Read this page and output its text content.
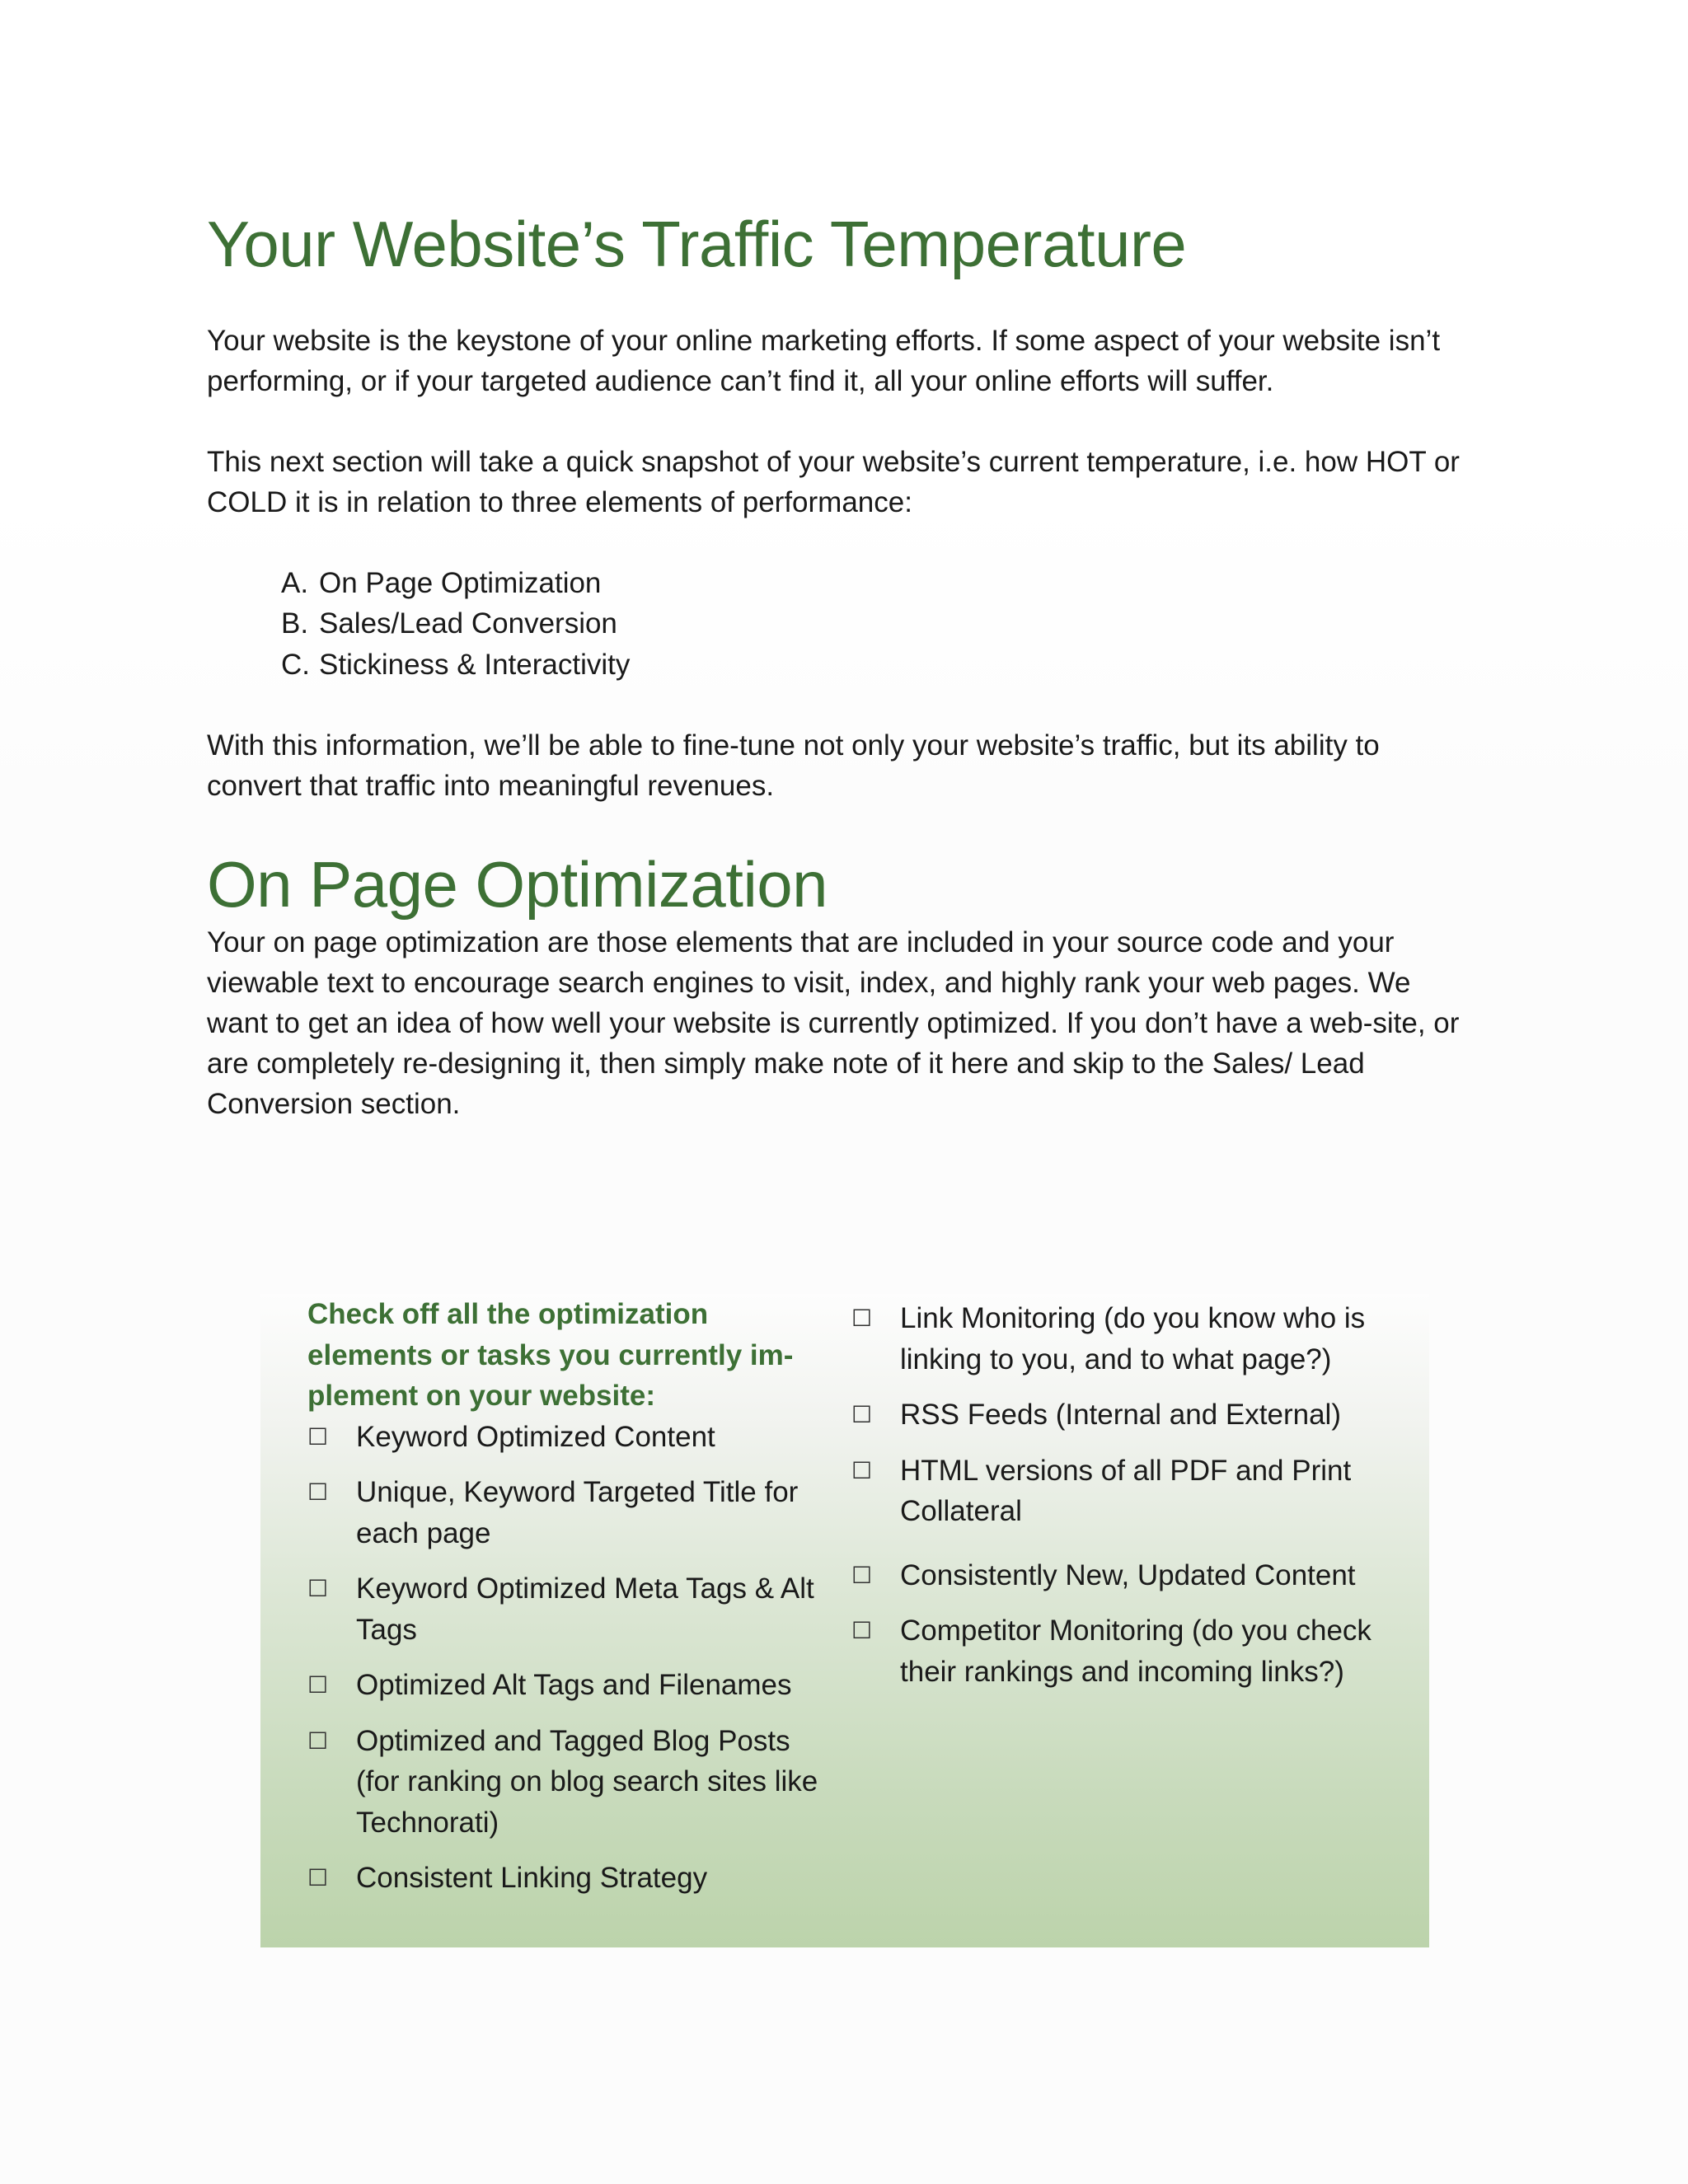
Your Website’s Traffic Temperature

Your website is the keystone of your online marketing efforts. If some aspect of your website isn’t performing, or if your targeted audience can’t find it, all your online efforts will suffer.

This next section will take a quick snapshot of your website’s current temperature, i.e. how HOT or COLD it is in relation to three elements of performance:

A. On Page Optimization
B. Sales/Lead Conversion
C. Stickiness & Interactivity

With this information, we’ll be able to fine-tune not only your website’s traffic, but its ability to convert that traffic into meaningful revenues.

On Page Optimization

Your on page optimization are those elements that are included in your source code and your viewable text to encourage search engines to visit, index, and highly rank your web pages. We want to get an idea of how well your website is currently optimized. If you don’t have a web-site, or are completely re-designing it, then simply make note of it here and skip to the Sales/ Lead Conversion section.

Check off all the optimization elements or tasks you currently im-plement on your website:

☐ Keyword Optimized Content
☐ Unique, Keyword Targeted Title for each page
☐ Keyword Optimized Meta Tags & Alt Tags
☐ Optimized Alt Tags and Filenames
☐ Optimized and Tagged Blog Posts (for ranking on blog search sites like Technorati)
☐ Consistent Linking Strategy
☐ Link Monitoring (do you know who is linking to you, and to what page?)
☐ RSS Feeds (Internal and External)
☐ HTML versions of all PDF and Print Collateral
☐ Consistently New, Updated Content
☐ Competitor Monitoring (do you check their rankings and incoming links?)
